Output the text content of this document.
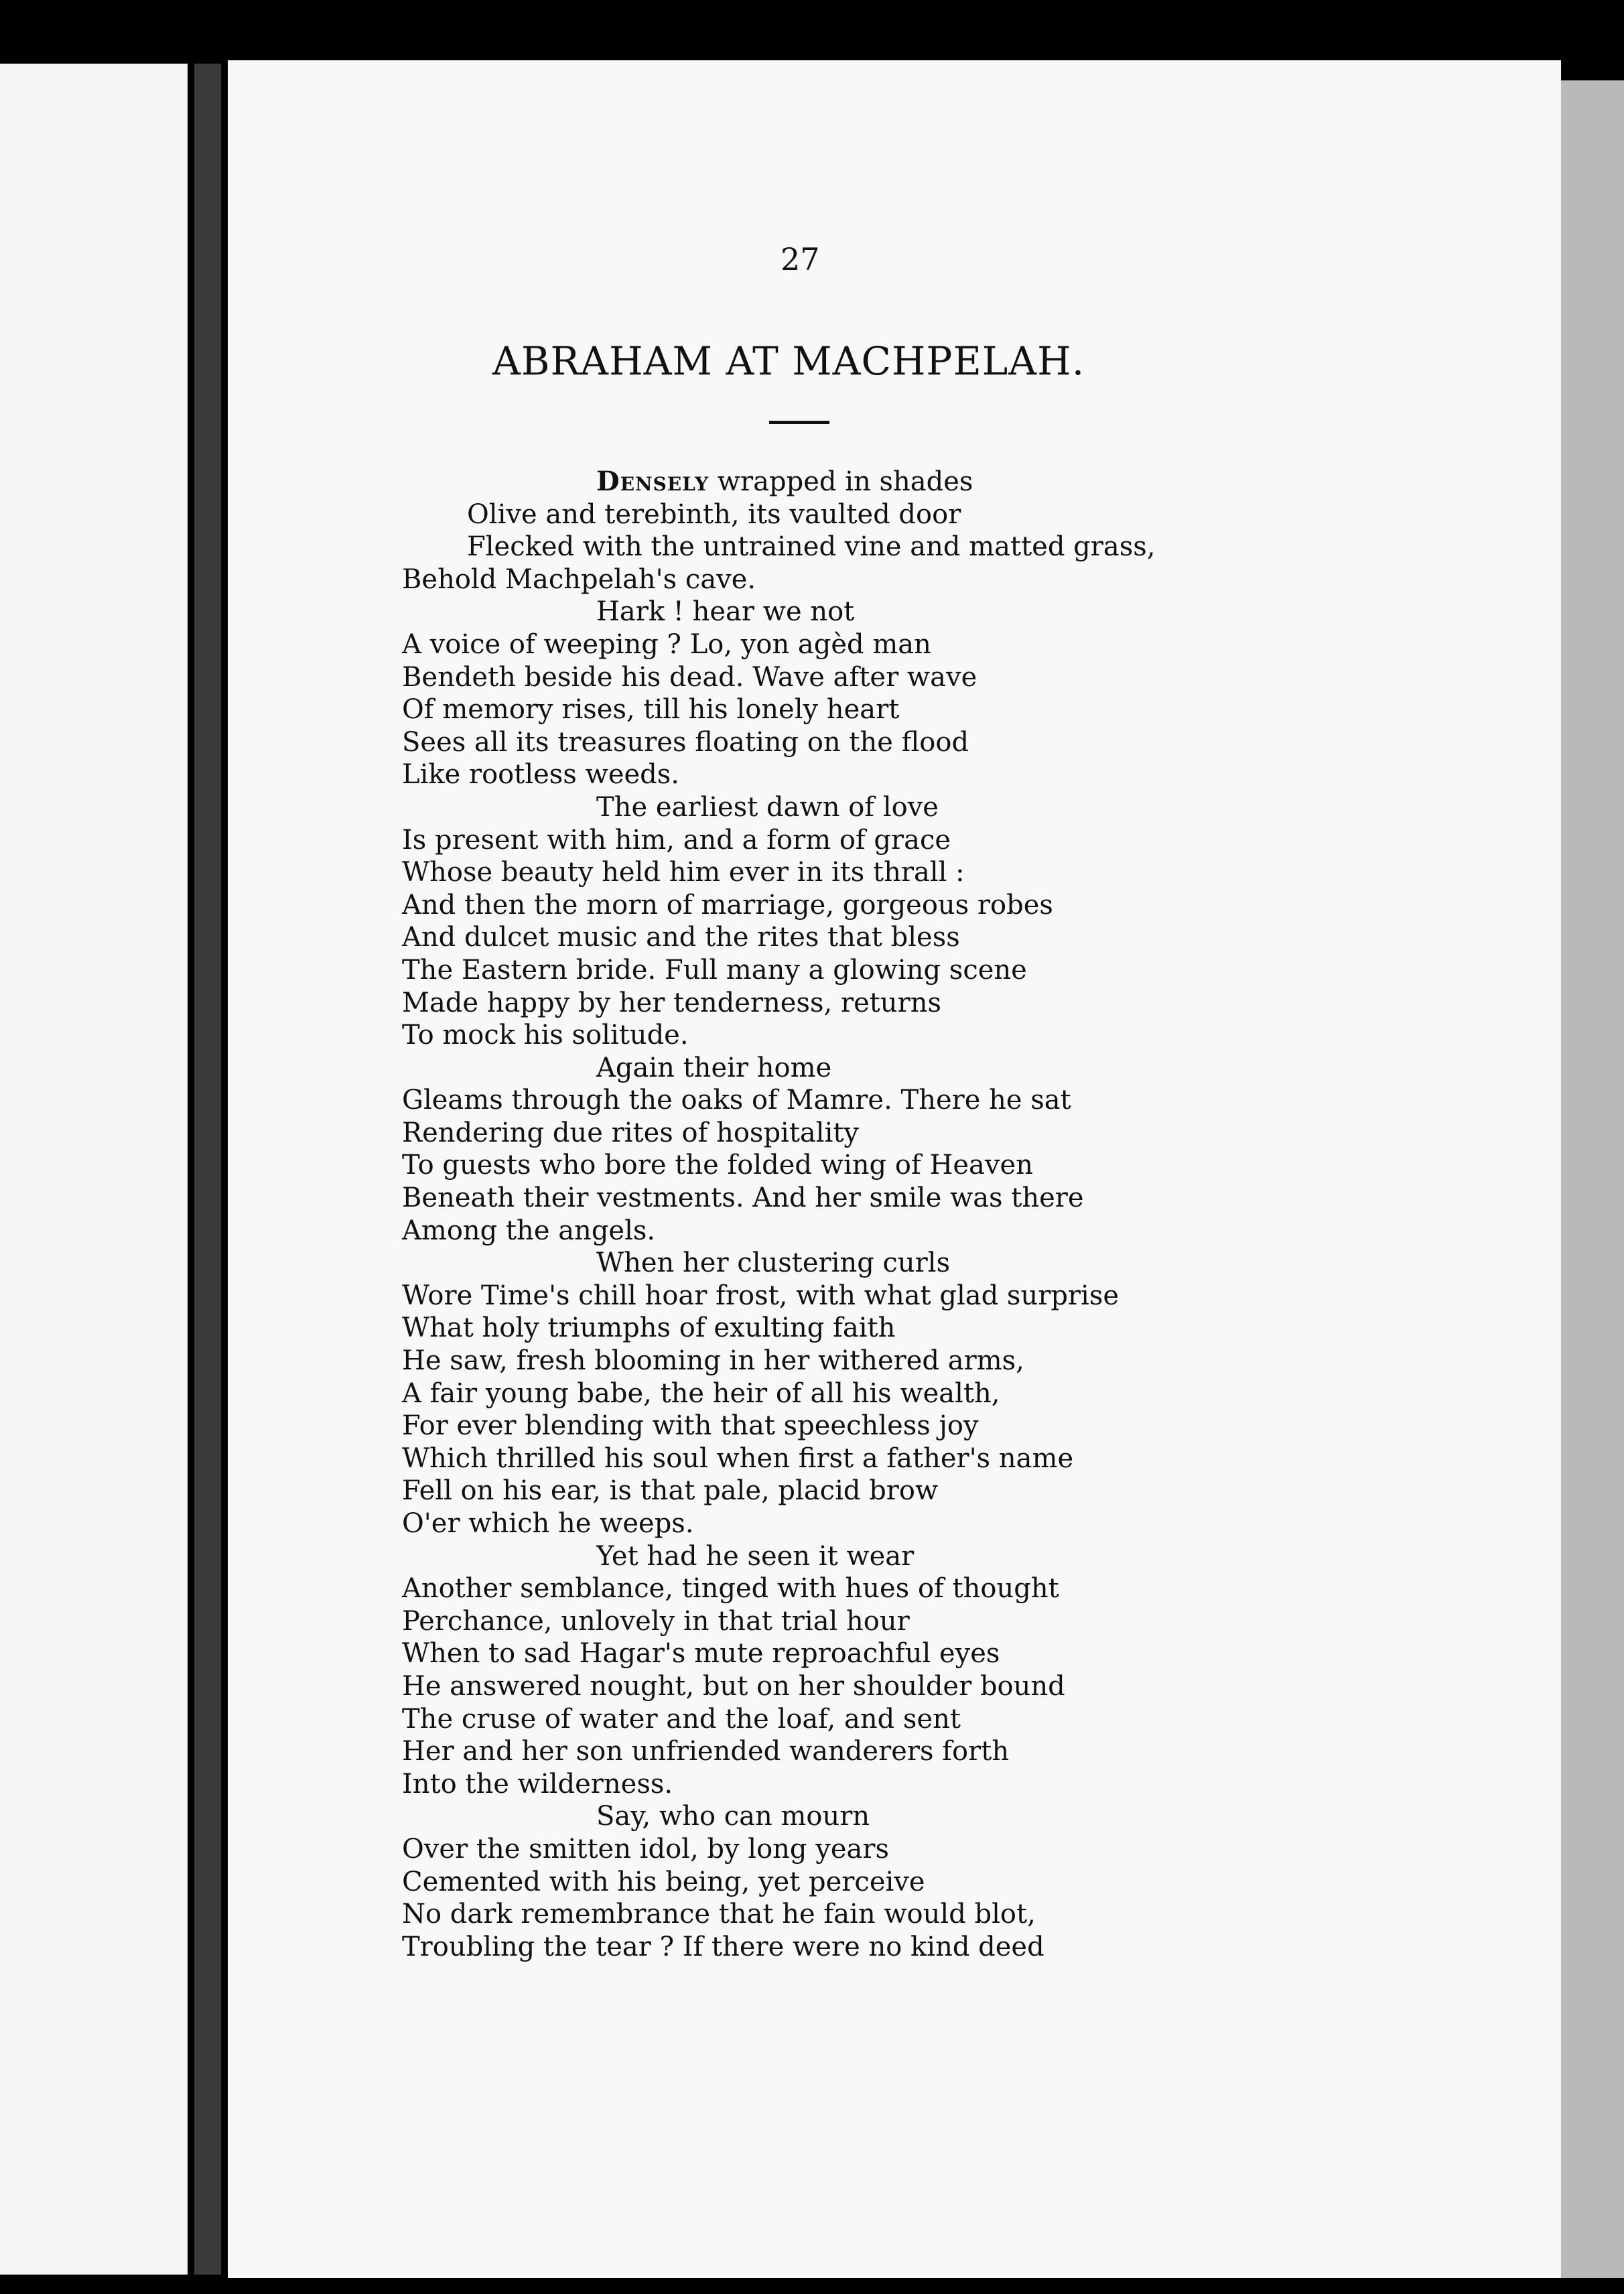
27
ABRAHAM AT MACHPELAH.
Densely wrapped in shades
Olive and terebinth, its vaulted door
Flecked with the untrained vine and matted grass,
Behold Machpelah's cave.
Hark ! hear we not
A voice of weeping ? Lo, yon agèd man
Bendeth beside his dead. Wave after wave
Of memory rises, till his lonely heart
Sees all its treasures floating on the flood
Like rootless weeds.
The earliest dawn of love
Is present with him, and a form of grace
Whose beauty held him ever in its thrall :
And then the morn of marriage, gorgeous robes
And dulcet music and the rites that bless
The Eastern bride. Full many a glowing scene
Made happy by her tenderness, returns
To mock his solitude.
Again their home
Gleams through the oaks of Mamre. There he sat
Rendering due rites of hospitality
To guests who bore the folded wing of Heaven
Beneath their vestments. And her smile was there
Among the angels.
When her clustering curls
Wore Time's chill hoar frost, with what glad surprise
What holy triumphs of exulting faith
He saw, fresh blooming in her withered arms,
A fair young babe, the heir of all his wealth,
For ever blending with that speechless joy
Which thrilled his soul when first a father's name
Fell on his ear, is that pale, placid brow
O'er which he weeps.
Yet had he seen it wear
Another semblance, tinged with hues of thought
Perchance, unlovely in that trial hour
When to sad Hagar's mute reproachful eyes
He answered nought, but on her shoulder bound
The cruse of water and the loaf, and sent
Her and her son unfriended wanderers forth
Into the wilderness.
Say, who can mourn
Over the smitten idol, by long years
Cemented with his being, yet perceive
No dark remembrance that he fain would blot,
Troubling the tear ? If there were no kind deed
